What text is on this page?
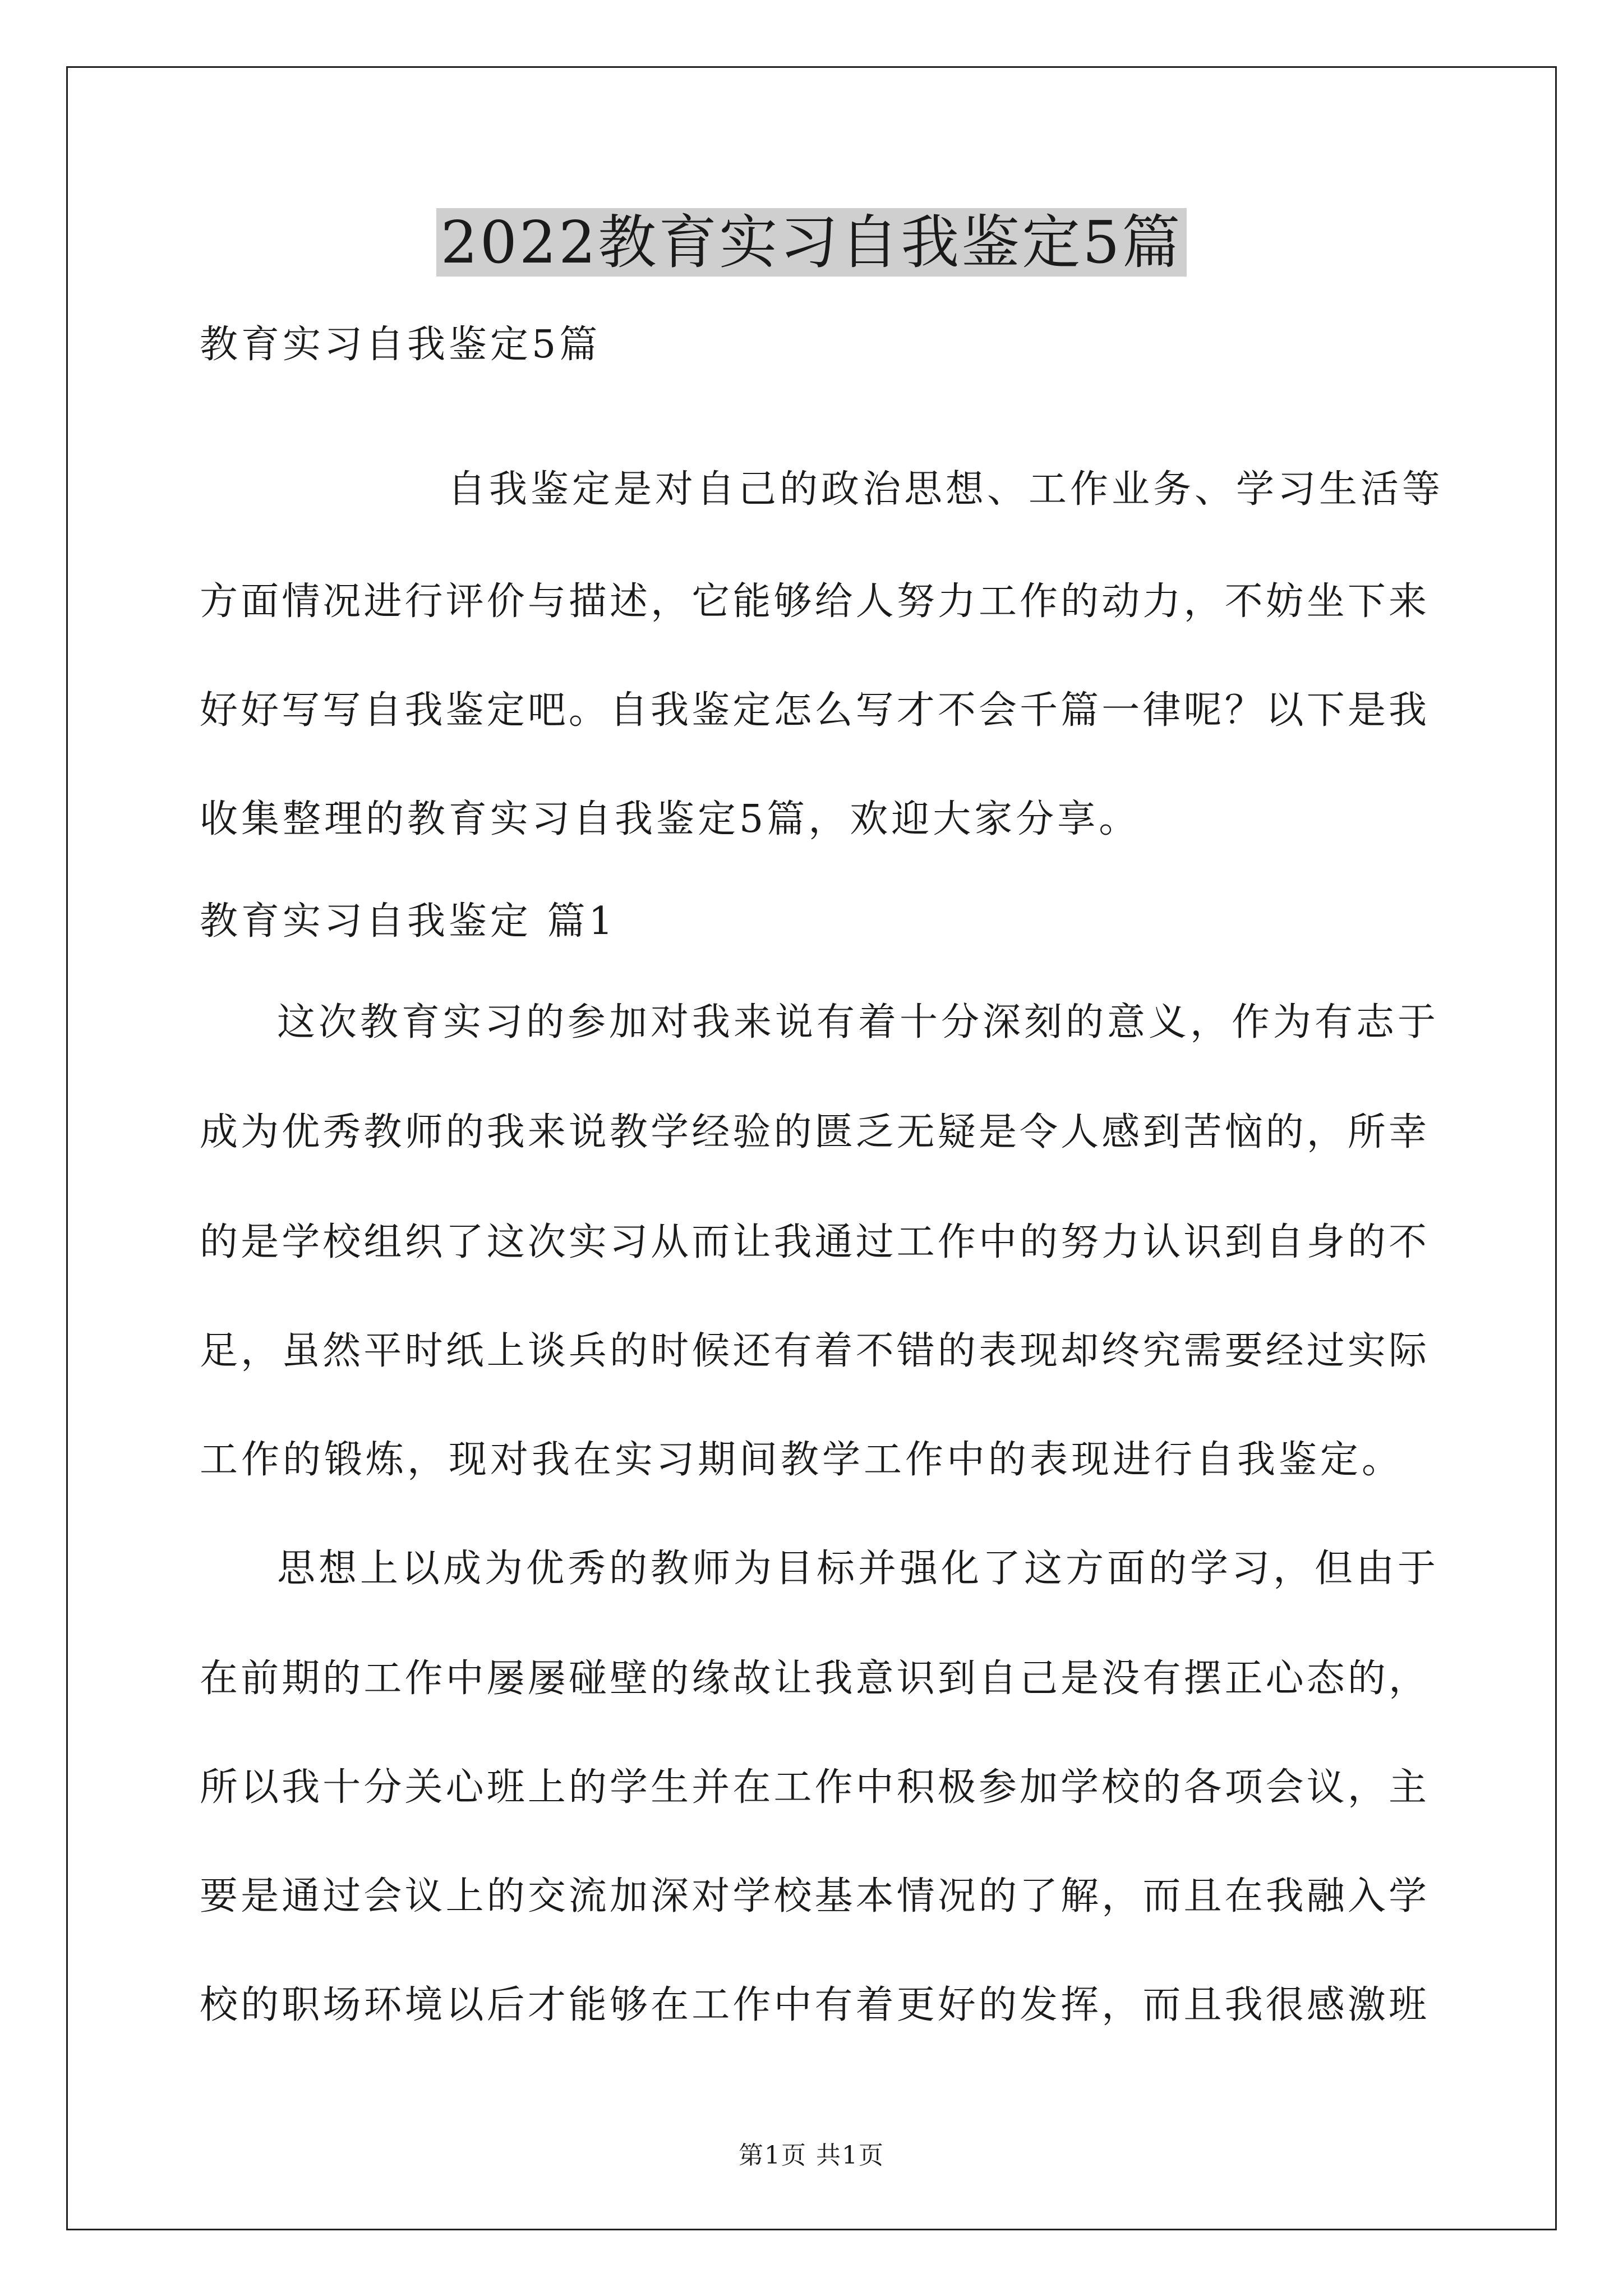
2022教育实习自我鉴定5篇
教育实习自我鉴定5篇
自我鉴定是对自己的政治思想、工作业务、学习生活等
方面情况进行评价与描述，它能够给人努力工作的动力，不妨坐下来
好好写写自我鉴定吧。自我鉴定怎么写才不会千篇一律呢？以下是我
收集整理的教育实习自我鉴定5篇，欢迎大家分享。
教育实习自我鉴定 篇1
这次教育实习的参加对我来说有着十分深刻的意义，作为有志于
成为优秀教师的我来说教学经验的匮乏无疑是令人感到苦恼的，所幸
的是学校组织了这次实习从而让我通过工作中的努力认识到自身的不
足，虽然平时纸上谈兵的时候还有着不错的表现却终究需要经过实际
工作的锻炼，现对我在实习期间教学工作中的表现进行自我鉴定。
思想上以成为优秀的教师为目标并强化了这方面的学习，但由于
在前期的工作中屡屡碰壁的缘故让我意识到自己是没有摆正心态的，
所以我十分关心班上的学生并在工作中积极参加学校的各项会议，主
要是通过会议上的交流加深对学校基本情况的了解，而且在我融入学
校的职场环境以后才能够在工作中有着更好的发挥，而且我很感激班
第1页 共1页
